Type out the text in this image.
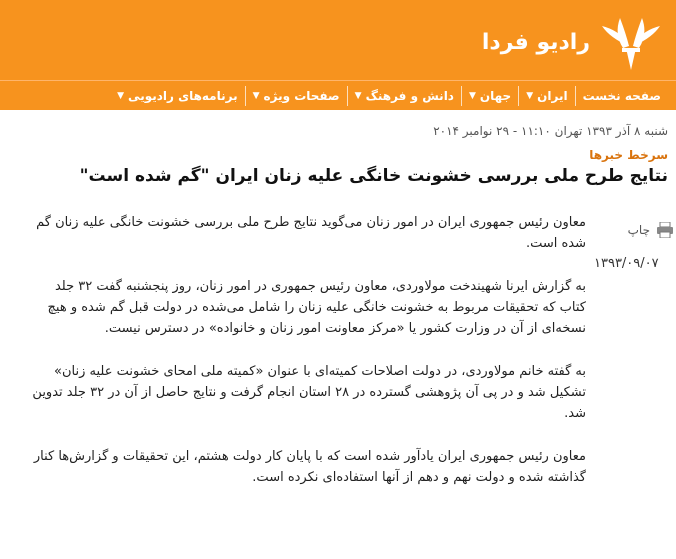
رادیو فردا
صفحه نخست
ایران
▼
جهان
▼
دانش و فرهنگ
▼
صفحات ویژه
▼
برنامه‌های رادیویی
▼
شنبه ۸ آذر ۱۳۹۳ تهران ۱۱:۱۰ - ۲۹ نوامبر ۲۰۱۴
سرخط خبرها
نتایج طرح ملی بررسی خشونت خانگی علیه زنان ایران "گم شده است"
چاپ
۱۳۹۳/۰۹/۰۷

معاون رئیس جمهوری ایران در امور زنان می‌گوید نتایج طرح ملی بررسی خشونت خانگی علیه زنان گم شده است.

به گزارش ایرنا شهیندخت مولاوردی، معاون رئیس جمهوری در امور زنان، روز پنجشنبه گفت ۳۲ جلد کتاب که تحقیقات مربوط به خشونت خانگی علیه زنان را شامل می‌شده در دولت قبل گم شده و هیچ نسخه‌ای از آن در وزارت کشور یا «مرکز معاونت امور زنان و خانواده» در دسترس نیست.

به گفته خانم مولاوردی، در دولت اصلاحات کمیته‌ای با عنوان «کمیته ملی امحای خشونت علیه زنان» تشکیل شد و در پی آن پژوهشی گسترده در ۲۸ استان انجام گرفت و نتایج حاصل از آن در ۳۲ جلد تدوین شد.

معاون رئیس جمهوری ایران یادآور شده است که با پایان کار دولت هشتم، این تحقیقات و گزارش‌ها کنار گذاشته شده و دولت نهم و دهم از آنها استفاده‌ای نکرده است.
